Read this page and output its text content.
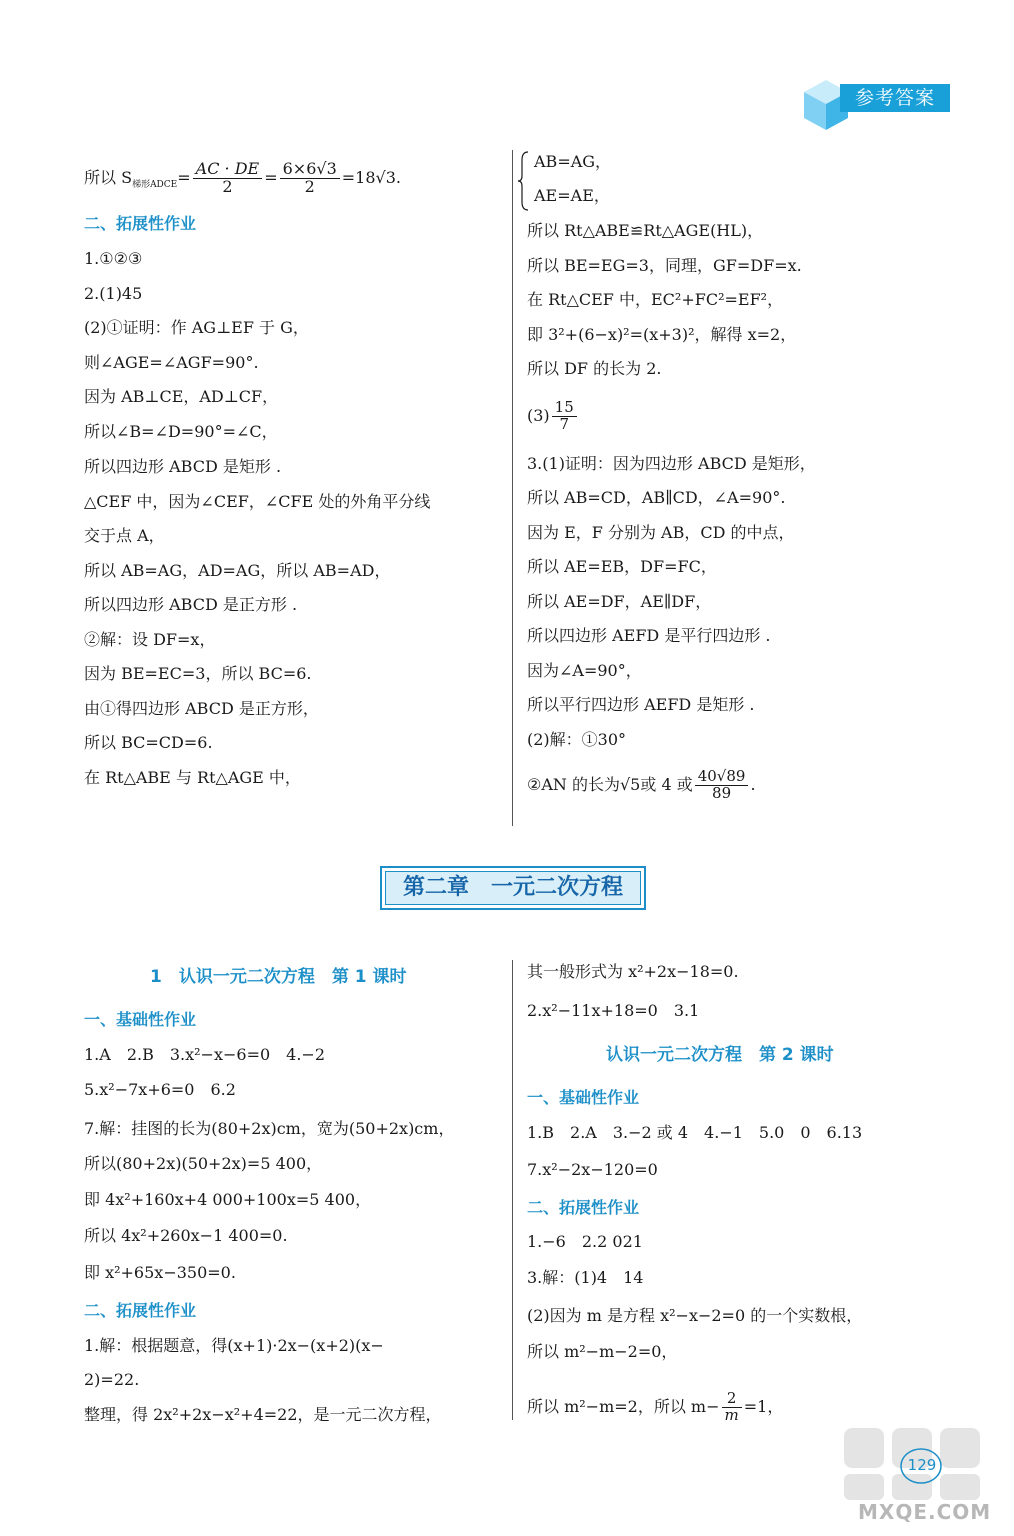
参考答案
所以 $S_{梯形ADCE}= \frac{AC \cdot DE}{2} = \frac{6\times 6√3}{2} =18√3$.
二、拓展性作业
1.①②③
2.(1)45
(2)①证明：作 AG⊥EF 于 G，
则∠AGE=∠AGF=90°.
因为 AB⊥CE，AD⊥CF，
所以∠B=∠D=90°=∠C，
所以四边形 ABCD 是矩形 .
△CEF 中，因为∠CEF，∠CFE 处的外角平分线
交于点 A，
所以 AB=AG，AD=AG，所以 AB=AD，
所以四边形 ABCD 是正方形 .
②解：设 DF=x，
因为 BE=EC=3，所以 BC=6.
由①得四边形 ABCD 是正方形，
所以 BC=CD=6.
在 Rt△ABE 与 Rt△AGE 中，
AB=AG，
AE=AE，
所以 Rt△ABE≌Rt△AGE(HL)，
所以 BE=EG=3，同理，GF=DF=x.
在 Rt△CEF 中，EC²+FC²=EF²，
即 3²+(6−x)²=(x+3)²，解得 x=2，
所以 DF 的长为 2.
$(3) \frac{15}{7}$
3.(1)证明：因为四边形 ABCD 是矩形，
所以 AB=CD，AB∥CD，∠A=90°.
因为 E，F 分别为 AB，CD 的中点，
所以 AE=EB，DF=FC，
所以 AE=DF，AE∥DF，
所以四边形 AEFD 是平行四边形 .
因为∠A=90°，
所以平行四边形 AEFD 是矩形 .
(2)解：①30°
②AN 的长为√5或 4 或 $\frac{40√89}{89}$ .
第二章　一元二次方程
1　认识一元二次方程　第 1 课时
一、基础性作业
1.A　2.B　3.x²−x−6=0　4.−2
5.x²−7x+6=0　6.2
7.解：挂图的长为(80+2x)cm，宽为(50+2x)cm，
所以(80+2x)(50+2x)=5 400，
即 4x²+160x+4 000+100x=5 400，
所以 4x²+260x−1 400=0.
即 x²+65x−350=0.
二、拓展性作业
1.解：根据题意，得(x+1)·2x−(x+2)(x−
2)=22.
整理，得 2x²+2x−x²+4=22，是一元二次方程，
其一般形式为 x²+2x−18=0.
2.x²−11x+18=0　3.1
认识一元二次方程　第 2 课时
一、基础性作业
1.B　2.A　3.−2 或 4　4.−1　5.0　0　6.13
7.x²−2x−120=0
二、拓展性作业
1.−6　2.2 021
3.解：(1)4　14
(2)因为 m 是方程 x²−x−2=0 的一个实数根，
所以 m²−m−2=0，
所以 m²−m=2，所以 $m- \frac{2}{m} =1$，
129
MXQE.COM
